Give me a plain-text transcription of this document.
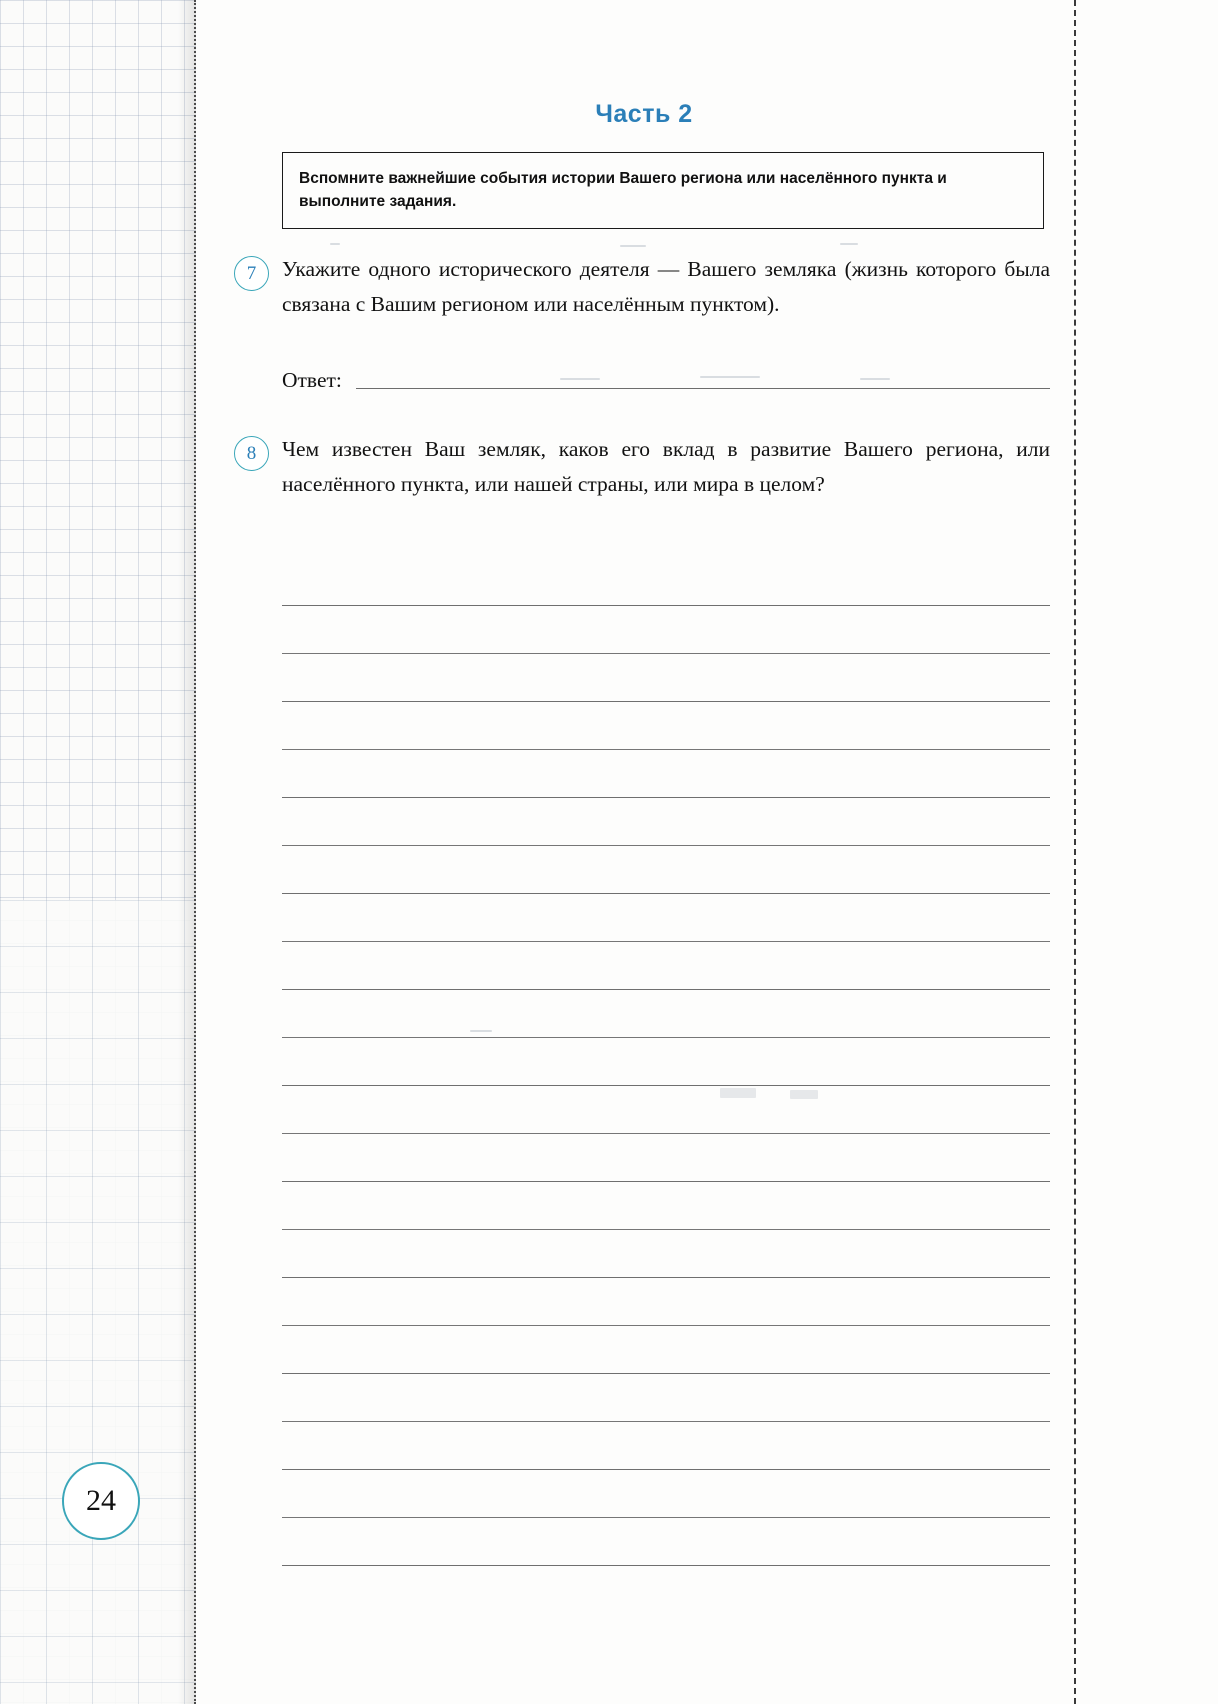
Часть 2
Вспомните важнейшие события истории Вашего региона или населённого пункта и выполните задания.
7	Укажите одного исторического деятеля — Вашего земляка (жизнь которого была связана с Вашим регионом или населённым пунктом).
Ответ:
8	Чем известен Ваш земляк, каков его вклад в развитие Вашего региона, или населённого пункта, или нашей страны, или мира в целом?
24
